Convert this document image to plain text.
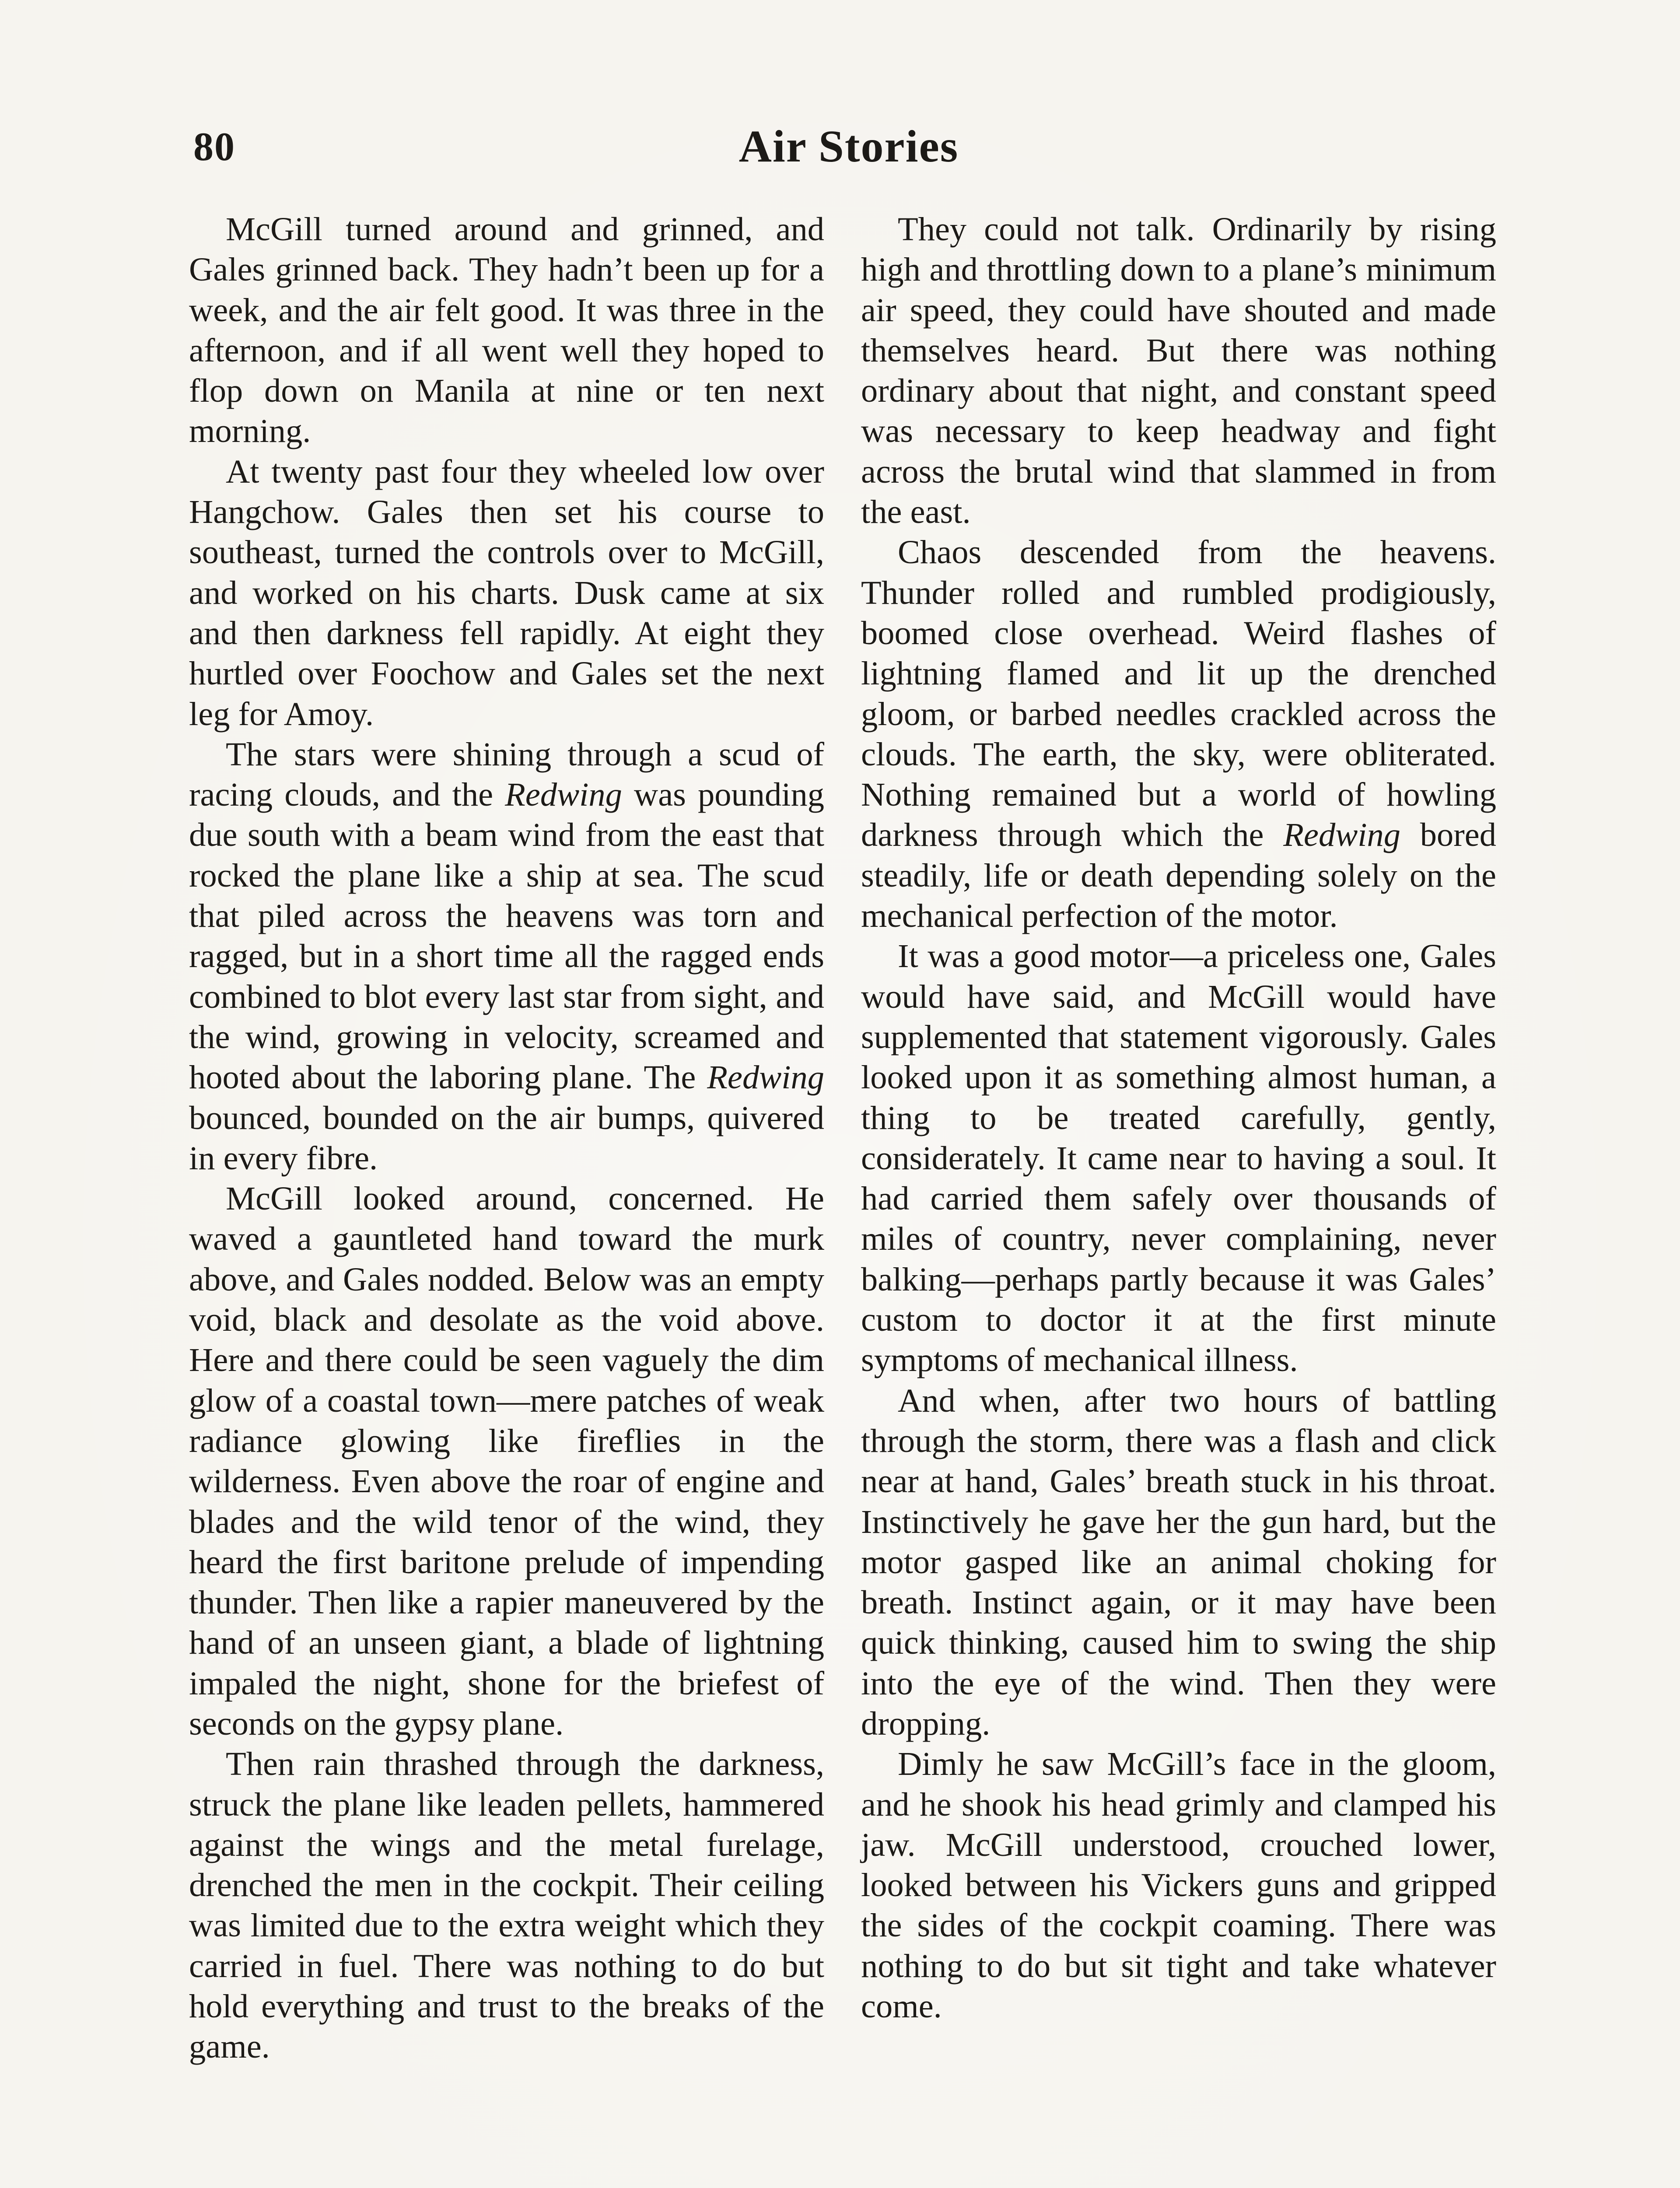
80	Air Stories

McGill turned around and grinned, and Gales grinned back. They hadn’t been up for a week, and the air felt good. It was three in the afternoon, and if all went well they hoped to flop down on Manila at nine or ten next morning.

At twenty past four they wheeled low over Hangchow. Gales then set his course to southeast, turned the controls over to McGill, and worked on his charts. Dusk came at six and then darkness fell rapidly. At eight they hurtled over Foochow and Gales set the next leg for Amoy.

The stars were shining through a scud of racing clouds, and the Redwing was pounding due south with a beam wind from the east that rocked the plane like a ship at sea. The scud that piled across the heavens was torn and ragged, but in a short time all the ragged ends combined to blot every last star from sight, and the wind, growing in velocity, screamed and hooted about the laboring plane. The Redwing bounced, bounded on the air bumps, quivered in every fibre.

McGill looked around, concerned. He waved a gauntleted hand toward the murk above, and Gales nodded. Below was an empty void, black and desolate as the void above. Here and there could be seen vaguely the dim glow of a coastal town—mere patches of weak radiance glowing like fireflies in the wilderness. Even above the roar of engine and blades and the wild tenor of the wind, they heard the first baritone prelude of impending thunder. Then like a rapier maneuvered by the hand of an unseen giant, a blade of lightning impaled the night, shone for the briefest of seconds on the gypsy plane.

Then rain thrashed through the darkness, struck the plane like leaden pellets, hammered against the wings and the metal furelage, drenched the men in the cockpit. Their ceiling was limited due to the extra weight which they carried in fuel. There was nothing to do but hold everything and trust to the breaks of the game.

They could not talk. Ordinarily by rising high and throttling down to a plane’s minimum air speed, they could have shouted and made themselves heard. But there was nothing ordinary about that night, and constant speed was necessary to keep headway and fight across the brutal wind that slammed in from the east.

Chaos descended from the heavens. Thunder rolled and rumbled prodigiously, boomed close overhead. Weird flashes of lightning flamed and lit up the drenched gloom, or barbed needles crackled across the clouds. The earth, the sky, were obliterated. Nothing remained but a world of howling darkness through which the Redwing bored steadily, life or death depending solely on the mechanical perfection of the motor.

It was a good motor—a priceless one, Gales would have said, and McGill would have supplemented that statement vigorously. Gales looked upon it as something almost human, a thing to be treated carefully, gently, considerately. It came near to having a soul. It had carried them safely over thousands of miles of country, never complaining, never balking—perhaps partly because it was Gales’ custom to doctor it at the first minute symptoms of mechanical illness.

And when, after two hours of battling through the storm, there was a flash and click near at hand, Gales’ breath stuck in his throat. Instinctively he gave her the gun hard, but the motor gasped like an animal choking for breath. Instinct again, or it may have been quick thinking, caused him to swing the ship into the eye of the wind. Then they were dropping.

Dimly he saw McGill’s face in the gloom, and he shook his head grimly and clamped his jaw. McGill understood, crouched lower, looked between his Vickers guns and gripped the sides of the cockpit coaming. There was nothing to do but sit tight and take whatever come.
